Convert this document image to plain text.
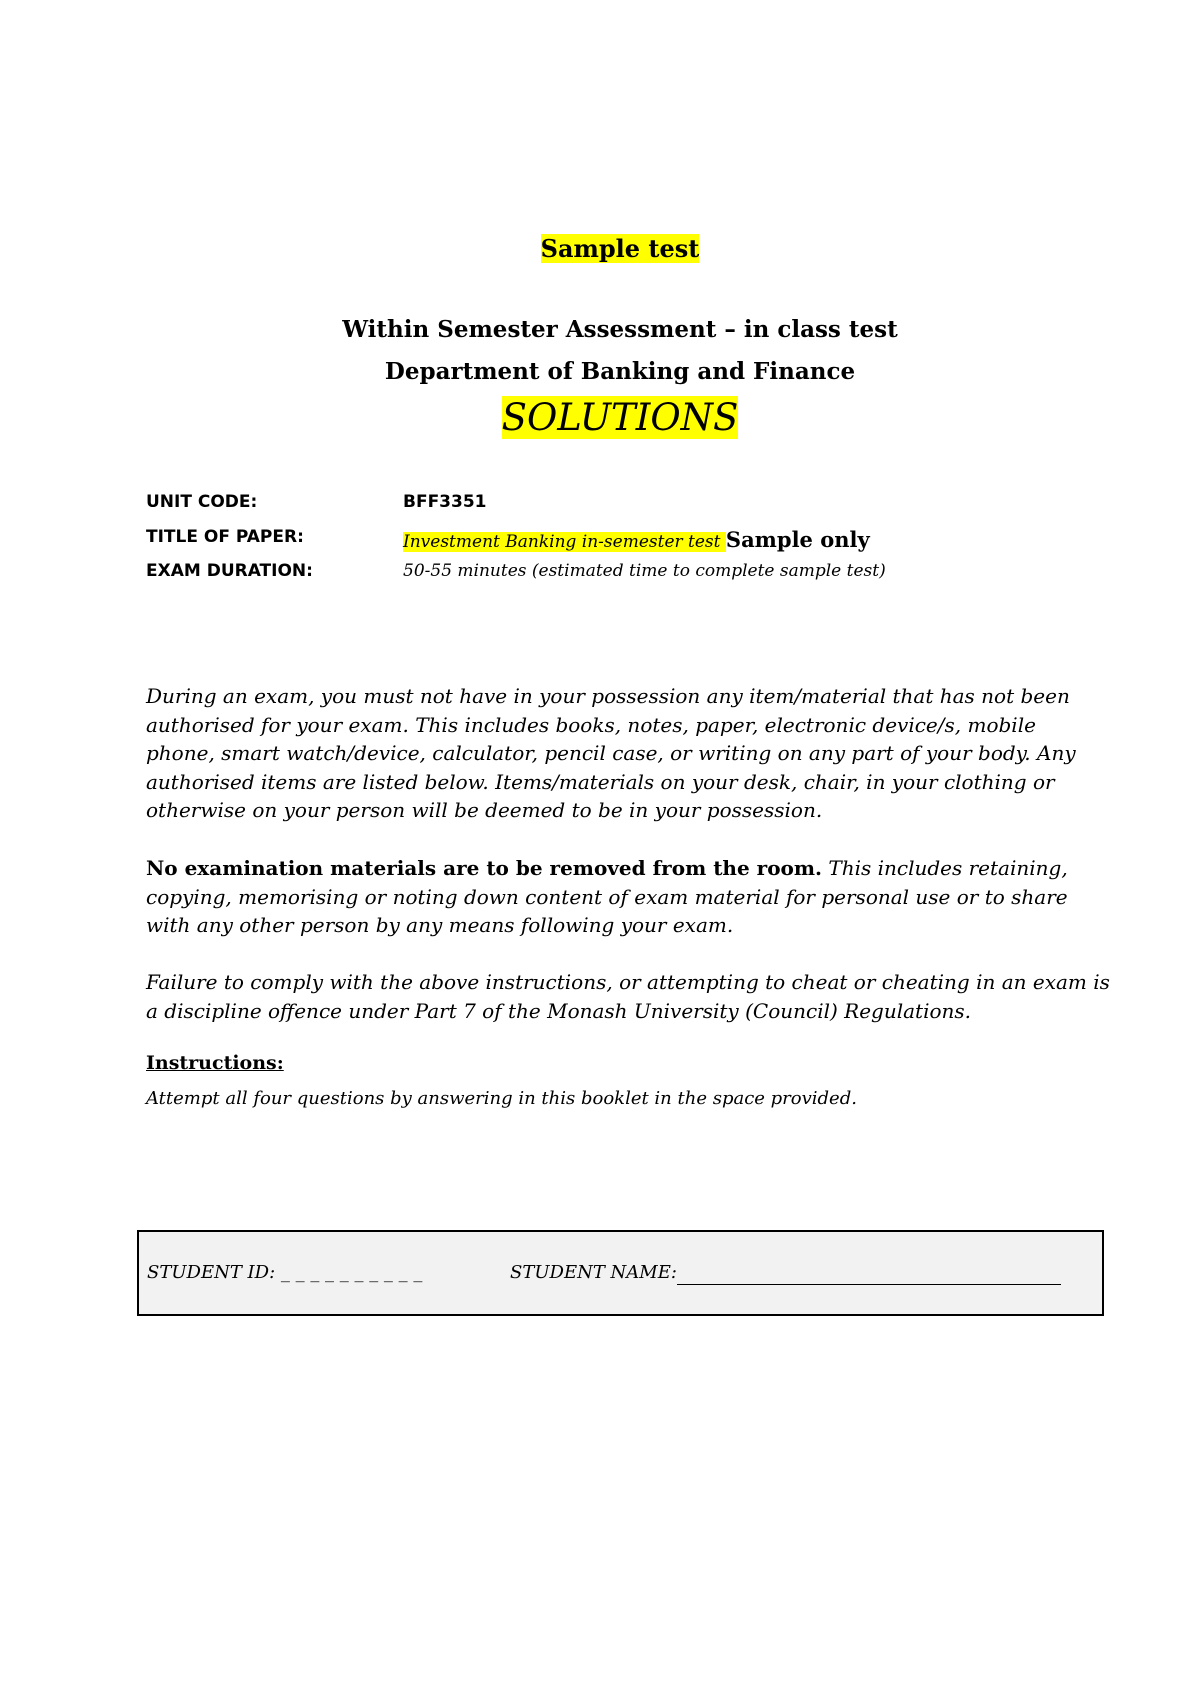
Sample test
Within Semester Assessment – in class test
Department of Banking and Finance
SOLUTIONS
UNIT CODE:	BFF3351
TITLE OF PAPER:	Investment Banking in-semester test Sample only
EXAM DURATION:	50-55 minutes (estimated time to complete sample test)
During an exam, you must not have in your possession any item/material that has not been authorised for your exam. This includes books, notes, paper, electronic device/s, mobile phone, smart watch/device, calculator, pencil case, or writing on any part of your body. Any authorised items are listed below. Items/materials on your desk, chair, in your clothing or otherwise on your person will be deemed to be in your possession.
No examination materials are to be removed from the room. This includes retaining, copying, memorising or noting down content of exam material for personal use or to share with any other person by any means following your exam.
Failure to comply with the above instructions, or attempting to cheat or cheating in an exam is a discipline offence under Part 7 of the Monash University (Council) Regulations.
Instructions:
Attempt all four questions by answering in this booklet in the space provided.
STUDENT ID: _ _ _ _ _ _ _ _ _ _	STUDENT NAME:
